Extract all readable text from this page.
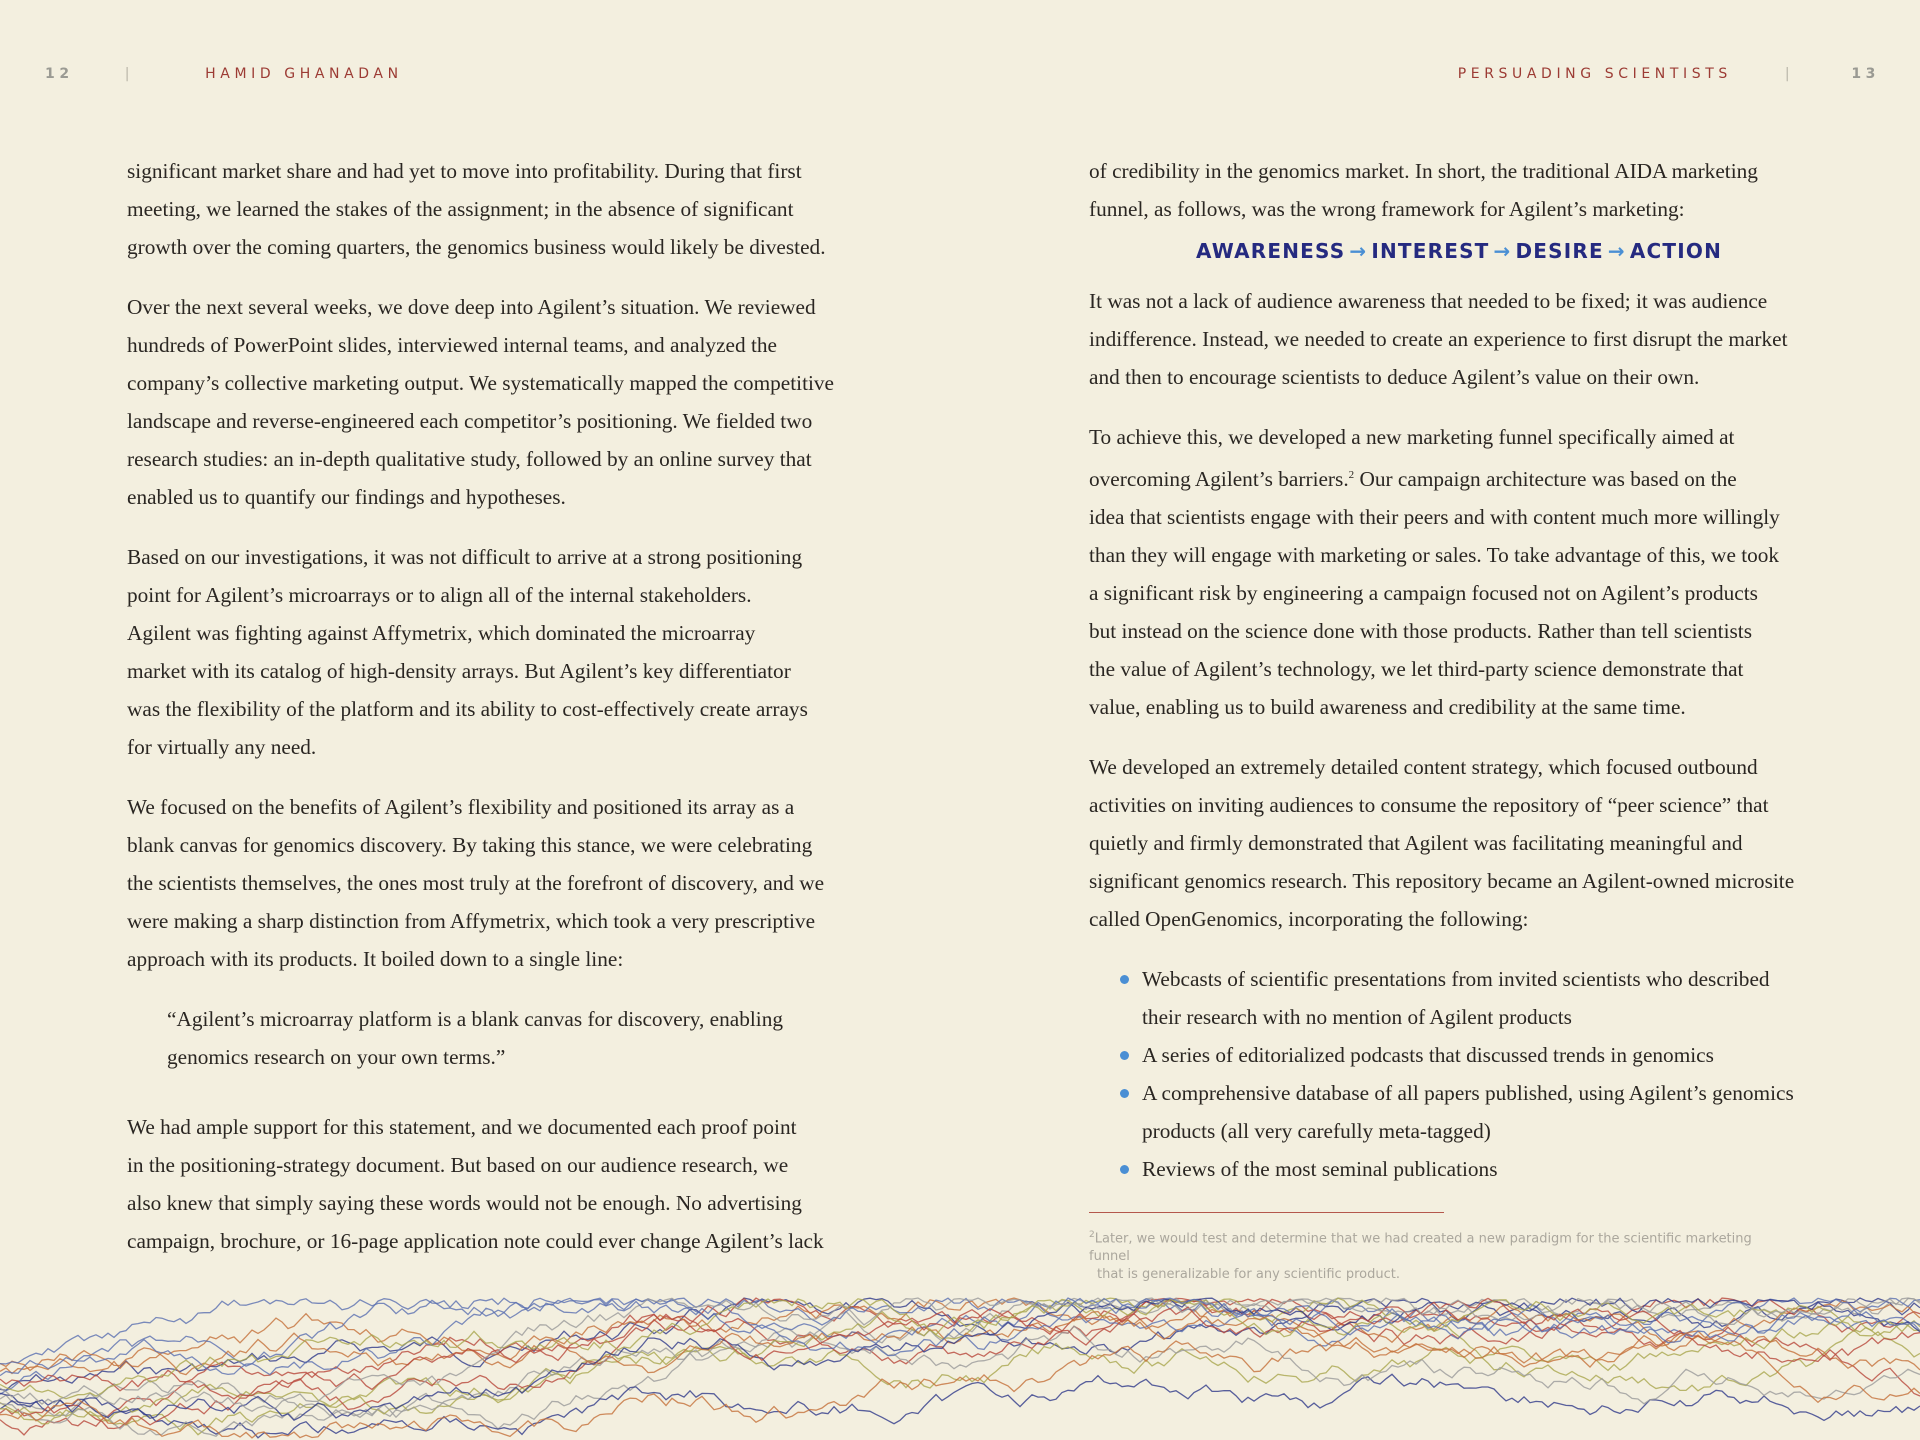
12	|	HAMID GHANADAN	PERSUADING SCIENTISTS	|	13

significant market share and had yet to move into profitability. During that first
meeting, we learned the stakes of the assignment; in the absence of significant
growth over the coming quarters, the genomics business would likely be divested.

Over the next several weeks, we dove deep into Agilent’s situation. We reviewed
hundreds of PowerPoint slides, interviewed internal teams, and analyzed the
company’s collective marketing output. We systematically mapped the competitive
landscape and reverse-engineered each competitor’s positioning. We fielded two
research studies: an in-depth qualitative study, followed by an online survey that
enabled us to quantify our findings and hypotheses.

Based on our investigations, it was not difficult to arrive at a strong positioning
point for Agilent’s microarrays or to align all of the internal stakeholders.
Agilent was fighting against Affymetrix, which dominated the microarray
market with its catalog of high-density arrays. But Agilent’s key differentiator
was the flexibility of the platform and its ability to cost-effectively create arrays
for virtually any need.

We focused on the benefits of Agilent’s flexibility and positioned its array as a
blank canvas for genomics discovery. By taking this stance, we were celebrating
the scientists themselves, the ones most truly at the forefront of discovery, and we
were making a sharp distinction from Affymetrix, which took a very prescriptive
approach with its products. It boiled down to a single line:

“Agilent’s microarray platform is a blank canvas for discovery, enabling
genomics research on your own terms.”

We had ample support for this statement, and we documented each proof point
in the positioning-strategy document. But based on our audience research, we
also knew that simply saying these words would not be enough. No advertising
campaign, brochure, or 16-page application note could ever change Agilent’s lack

of credibility in the genomics market. In short, the traditional AIDA marketing
funnel, as follows, was the wrong framework for Agilent’s marketing:

AWARENESS → INTEREST → DESIRE → ACTION

It was not a lack of audience awareness that needed to be fixed; it was audience
indifference. Instead, we needed to create an experience to first disrupt the market
and then to encourage scientists to deduce Agilent’s value on their own.

To achieve this, we developed a new marketing funnel specifically aimed at
overcoming Agilent’s barriers.$^2$ Our campaign architecture was based on the
idea that scientists engage with their peers and with content much more willingly
than they will engage with marketing or sales. To take advantage of this, we took
a significant risk by engineering a campaign focused not on Agilent’s products
but instead on the science done with those products. Rather than tell scientists
the value of Agilent’s technology, we let third-party science demonstrate that
value, enabling us to build awareness and credibility at the same time.

We developed an extremely detailed content strategy, which focused outbound
activities on inviting audiences to consume the repository of “peer science” that
quietly and firmly demonstrated that Agilent was facilitating meaningful and
significant genomics research. This repository became an Agilent-owned microsite
called OpenGenomics, incorporating the following:

Webcasts of scientific presentations from invited scientists who described
their research with no mention of Agilent products
A series of editorialized podcasts that discussed trends in genomics
A comprehensive database of all papers published, using Agilent’s genomics
products (all very carefully meta-tagged)
Reviews of the most seminal publications
$^2$Later, we would test and determine that we had created a new paradigm for the scientific marketing funnel
that is generalizable for any scientific product.
